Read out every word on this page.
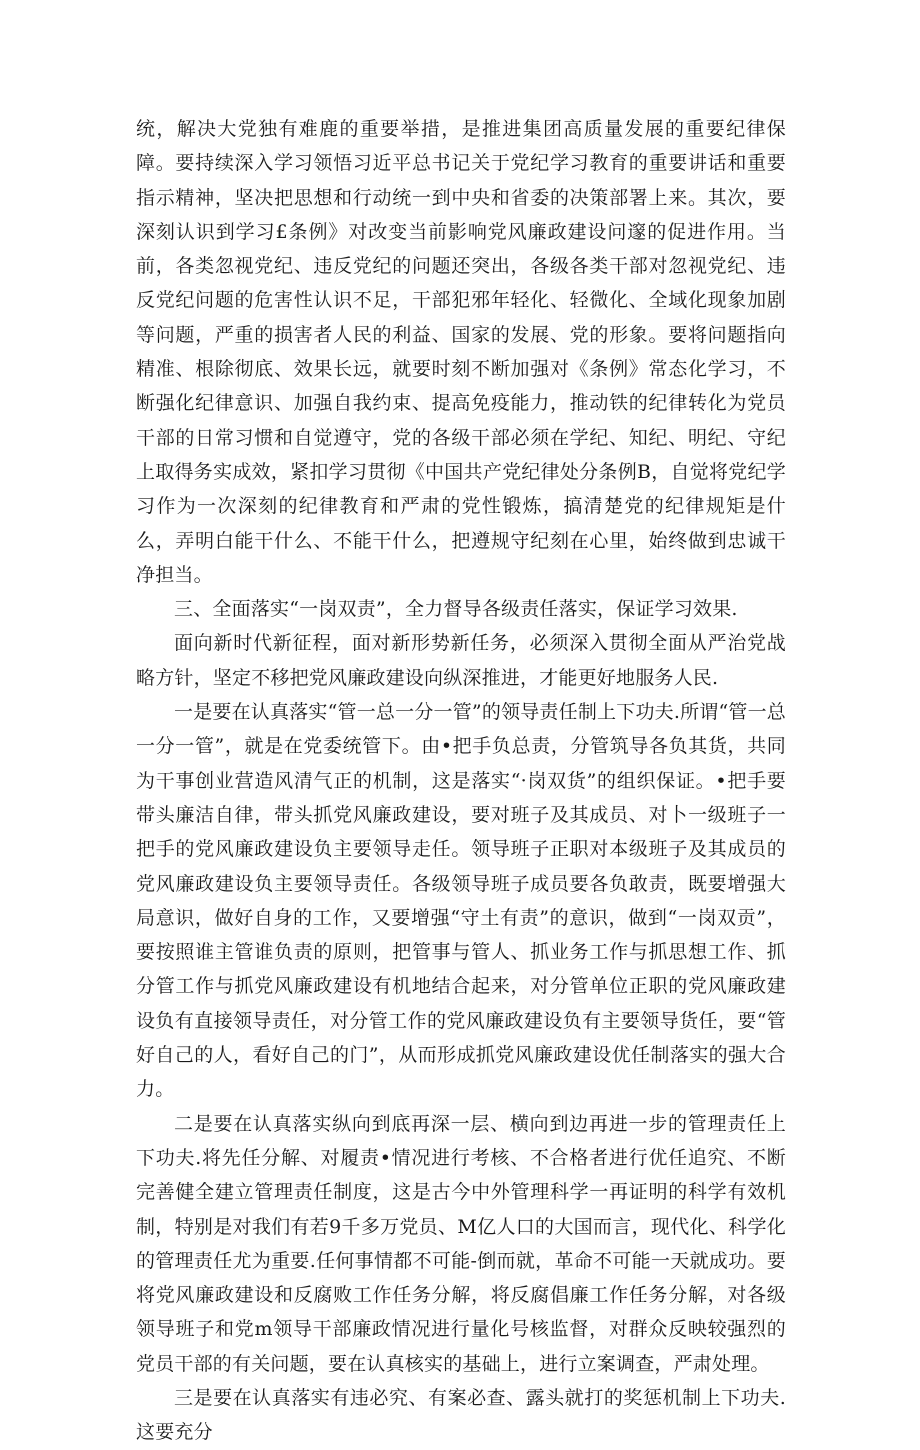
统，解决大党独有难鹿的重要举措，是推进集团高质量发展的重要纪律保障。要持续深入学习领悟习近平总书记关于党纪学习教育的重要讲话和重要指示精神，坚决把思想和行动统一到中央和省委的决策部署上来。其次，要深刻认识到学习£条例》对改变当前影响党风廉政建设问邃的促进作用。当前，各类忽视党纪、违反党纪的问题还突出，各级各类干部对忽视党纪、违反党纪问题的危害性认识不足，干部犯邪年轻化、轻微化、全域化现象加剧等问题，严重的损害者人民的利益、国家的发展、党的形象。要将问题指向精准、根除彻底、效果长远，就要时刻不断加强对《条例》常态化学习，不断强化纪律意识、加强自我约束、提高免疫能力，推动铁的纪律转化为党员干部的日常习惯和自觉遵守，党的各级干部必须在学纪、知纪、明纪、守纪上取得务实成效，紧扣学习贯彻《中国共产党纪律处分条例B，自觉将党纪学习作为一次深刻的纪律教育和严肃的党性锻炼，搞清楚党的纪律规矩是什么，弄明白能干什么、不能干什么，把遵规守纪刻在心里，始终做到忠诚干净担当。

三、全面落实“一岗双责”，全力督导各级责任落实，保证学习效果.

面向新时代新征程，面对新形势新任务，必须深入贯彻全面从严治党战略方针，坚定不移把党风廉政建设向纵深推进，才能更好地服务人民.

一是要在认真落实“管一总一分一管”的领导责任制上下功夫.所谓“管一总一分一管”，就是在党委统管下。由•把手负总责，分管筑导各负其货，共同为干事创业营造风清气正的机制，这是落实“·岗双货”的组织保证。•把手要带头廉洁自律，带头抓党风廉政建设，要对班子及其成员、对卜一级班子一把手的党风廉政建设负主要领导走任。领导班子正职对本级班子及其成员的党风廉政建设负主要领导责任。各级领导班子成员要各负敢责，既要增强大局意识，做好自身的工作，又要增强“守土有责”的意识，做到“一岗双贡”，要按照谁主管谁负责的原则，把管事与管人、抓业务工作与抓思想工作、抓分管工作与抓党风廉政建设有机地结合起来，对分管单位正职的党风廉政建设负有直接领导责任，对分管工作的党风廉政建设负有主要领导货任，要“管好自己的人，看好自己的门”，从而形成抓党风廉政建设优任制落实的强大合力。

二是要在认真落实纵向到底再深一层、横向到边再进一步的管理责任上下功夫.将先任分解、对履责•情况进行考核、不合格者进行优任追究、不断完善健全建立管理责任制度，这是古今中外管理科学一再证明的科学有效机制，特别是对我们有若9千多万党员、M亿人口的大国而言，现代化、科学化的管理责任尤为重要.任何事情都不可能-倒而就，革命不可能一天就成功。要将党风廉政建设和反腐败工作任务分解，将反腐倡廉工作任务分解，对各级领导班子和党m领导干部廉政情况进行量化号核监督，对群众反映较强烈的党员干部的有关问题，要在认真核实的基础上，进行立案调查，严肃处理。

三是要在认真落实有违必究、有案必查、露头就打的奖惩机制上下功夫.这要充分
